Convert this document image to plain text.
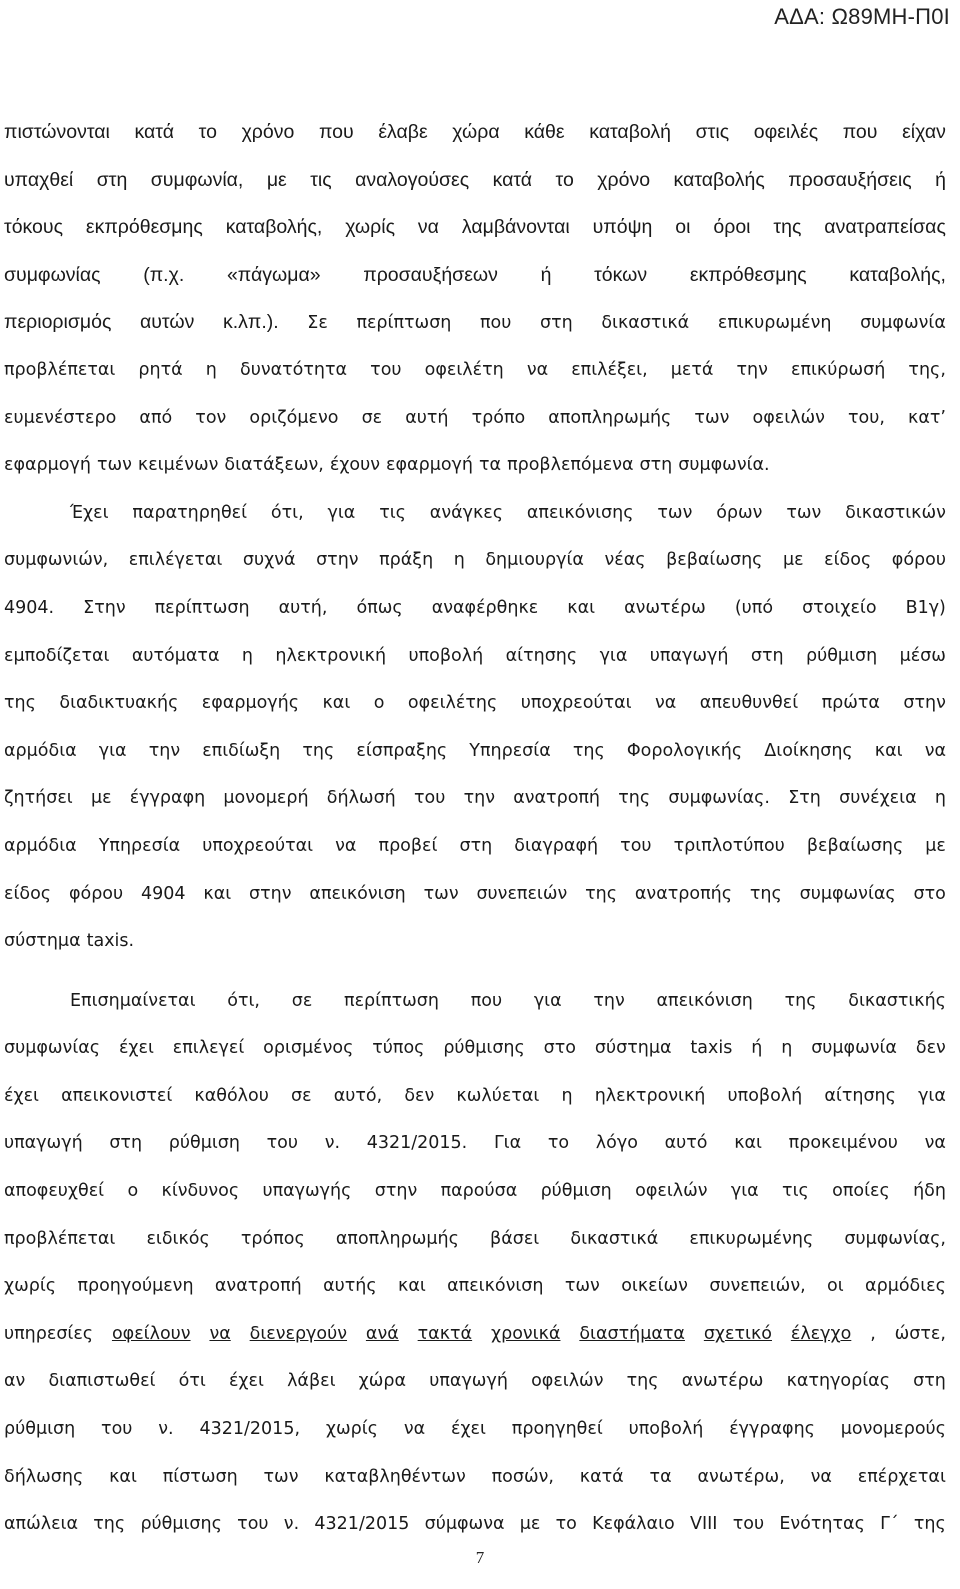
ΑΔΑ: Ω89ΜΗ-Π0Ι
πιστώνονται κατά το χρόνο που έλαβε χώρα κάθε καταβολή στις οφειλές που είχαν
υπαχθεί στη συμφωνία, με τις αναλογούσες κατά το χρόνο καταβολής προσαυξήσεις ή
τόκους εκπρόθεσμης καταβολής, χωρίς να λαμβάνονται υπόψη οι όροι της ανατραπείσας
συμφωνίας (π.χ. «πάγωμα» προσαυξήσεων ή τόκων εκπρόθεσμης καταβολής,
περιορισμός αυτών κ.λπ.). Σε περίπτωση που στη δικαστικά επικυρωμένη συμφωνία
προβλέπεται ρητά η δυνατότητα του οφειλέτη να επιλέξει, μετά την επικύρωσή της,
ευμενέστερο από τον οριζόμενο σε αυτή τρόπο αποπληρωμής των οφειλών του, κατ’
εφαρμογή των κειμένων διατάξεων, έχουν εφαρμογή τα προβλεπόμενα στη συμφωνία.
Έχει παρατηρηθεί ότι, για τις ανάγκες απεικόνισης των όρων των δικαστικών
συμφωνιών, επιλέγεται συχνά στην πράξη η δημιουργία νέας βεβαίωσης με είδος φόρου
4904. Στην περίπτωση αυτή, όπως αναφέρθηκε και ανωτέρω (υπό στοιχείο Β1γ)
εμποδίζεται αυτόματα η ηλεκτρονική υποβολή αίτησης για υπαγωγή στη ρύθμιση μέσω
της διαδικτυακής εφαρμογής και ο οφειλέτης υποχρεούται να απευθυνθεί πρώτα στην
αρμόδια για την επιδίωξη της είσπραξης Υπηρεσία της Φορολογικής Διοίκησης και να
ζητήσει με έγγραφη μονομερή δήλωσή του την ανατροπή της συμφωνίας. Στη συνέχεια η
αρμόδια Υπηρεσία υποχρεούται να προβεί στη διαγραφή του τριπλοτύπου βεβαίωσης με
είδος φόρου 4904 και στην απεικόνιση των συνεπειών της ανατροπής της συμφωνίας στο
σύστημα taxis.
Επισημαίνεται ότι, σε περίπτωση που για την απεικόνιση της δικαστικής
συμφωνίας έχει επιλεγεί ορισμένος τύπος ρύθμισης στο σύστημα taxis ή η συμφωνία δεν
έχει απεικονιστεί καθόλου σε αυτό, δεν κωλύεται η ηλεκτρονική υποβολή αίτησης για
υπαγωγή στη ρύθμιση του ν. 4321/2015. Για το λόγο αυτό και προκειμένου να
αποφευχθεί ο κίνδυνος υπαγωγής στην παρούσα ρύθμιση οφειλών για τις οποίες ήδη
προβλέπεται ειδικός τρόπος αποπληρωμής βάσει δικαστικά επικυρωμένης συμφωνίας,
χωρίς προηγούμενη ανατροπή αυτής και απεικόνιση των οικείων συνεπειών, οι αρμόδιες
υπηρεσίες οφείλουν να διενεργούν ανά τακτά χρονικά διαστήματα σχετικό έλεγχο , ώστε,
αν διαπιστωθεί ότι έχει λάβει χώρα υπαγωγή οφειλών της ανωτέρω κατηγορίας στη
ρύθμιση του ν. 4321/2015, χωρίς να έχει προηγηθεί υποβολή έγγραφης μονομερούς
δήλωσης και πίστωση των καταβληθέντων ποσών, κατά τα ανωτέρω, να επέρχεται
απώλεια της ρύθμισης του ν. 4321/2015 σύμφωνα με το Κεφάλαιο VIII του Ενότητας Γ΄ της
7
